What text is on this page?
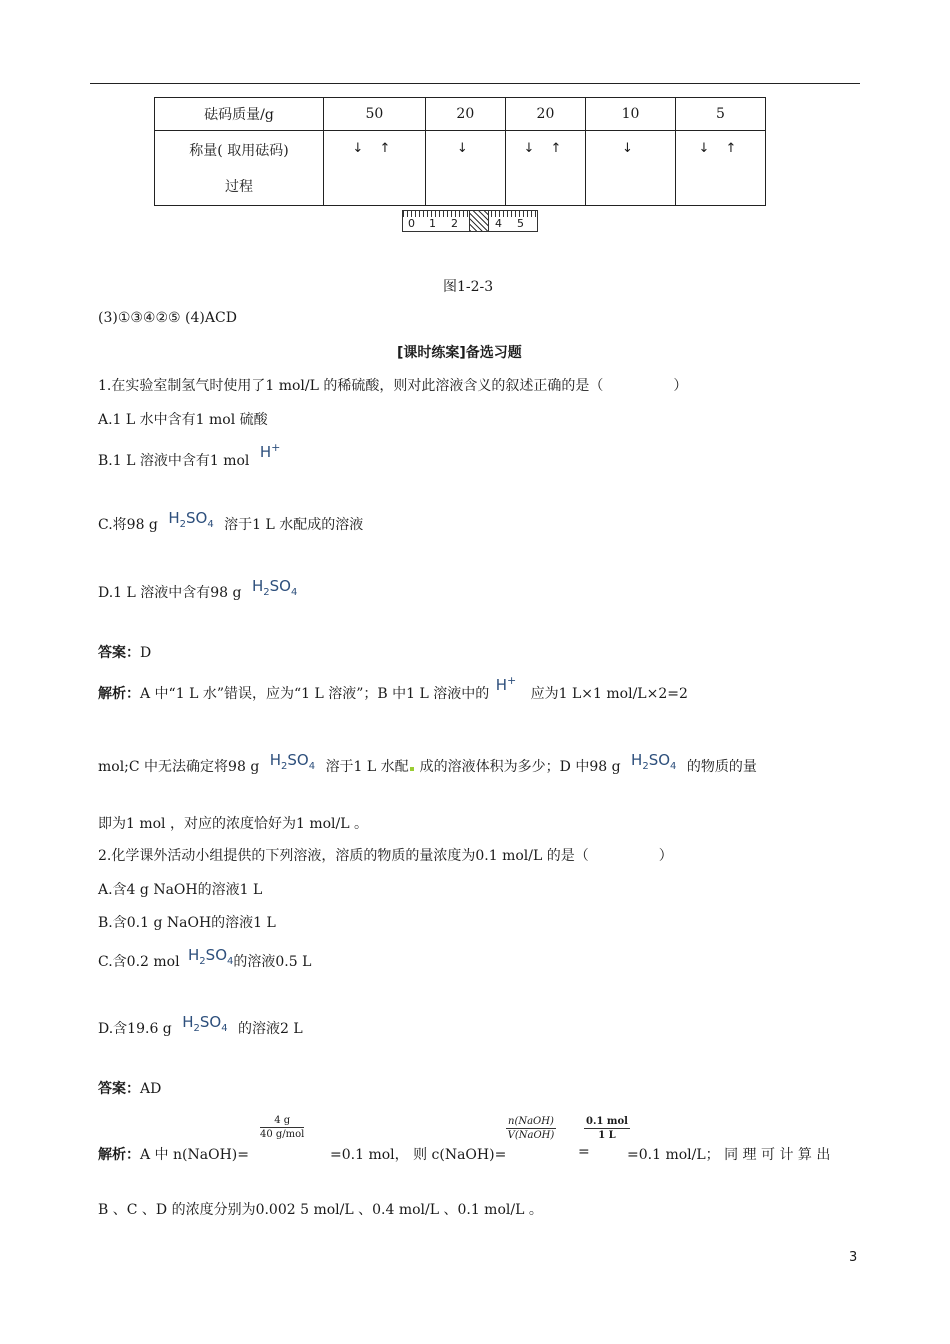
砝码质量/g	50	20	20	10	5

称量( 取用砝码)
过程	↓ ↑	↓	↓ ↑	↓	↓ ↑
0 1 2	4 5
图1-2-3
(3)①③④②⑤ (4)ACD
[课时练案]备选习题
1.在实验室制氢气时使用了1 mol/L 的稀硫酸，则对此溶液含义的叙述正确的是（　　　　　）
A.1 L 水中含有1 mol 硫酸
B.1 L 溶液中含有1 mol H+
C.将98 g $H_2SO_4$ 溶于1 L 水配成的溶液
D.1 L 溶液中含有98 g $H_2SO_4$
答案：D
解析：A 中“1 L 水”错误，应为“1 L 溶液”；B 中1 L 溶液中的 H+ 应为1 L×1 mol/L×2=2
mol;C 中无法确定将98 g $H_2SO_4$ 溶于1 L 水配 成的溶液体积为多少；D 中98 g $H_2SO_4$ 的物质的量
即为1 mol ，对应的浓度恰好为1 mol/L 。
2.化学课外活动小组提供的下列溶液，溶质的物质的量浓度为0.1 mol/L 的是（　　　　　）
A.含4 g NaOH的溶液1 L
B.含0.1 g NaOH的溶液1 L
C.含0.2 mol $H_2SO_4$的溶液0.5 L
D.含19.6 g $H_2SO_4$ 的溶液2 L
答案：AD
解析：A 中 n(NaOH)=
4 g
40 g/mol
=0.1 mol， 则 c(NaOH)=
n(NaOH)
V(NaOH)
=
0.1 mol
1 L
=0.1 mol/L； 同 理 可 计 算 出
B 、C 、D 的浓度分别为0.002 5 mol/L 、0.4 mol/L 、0.1 mol/L 。
3
